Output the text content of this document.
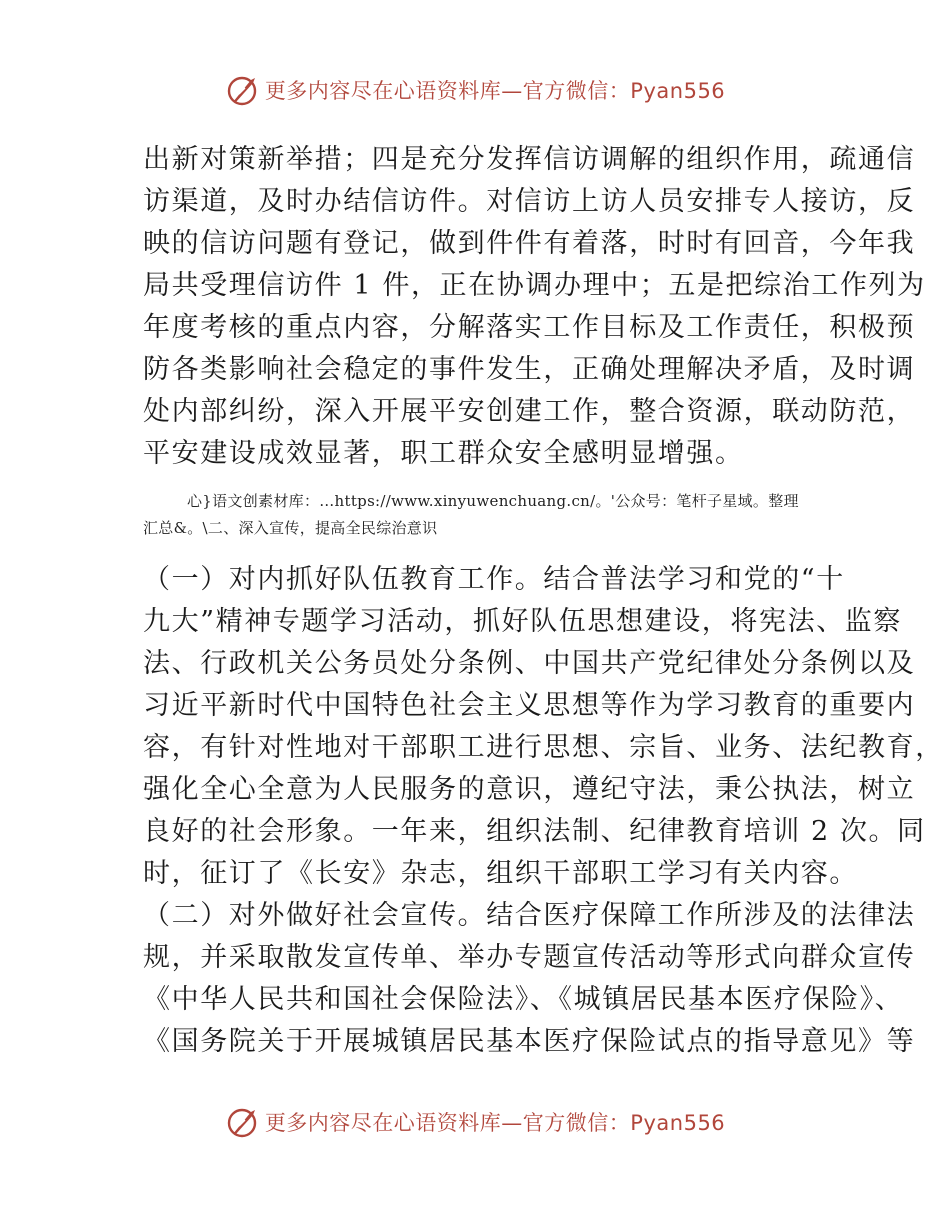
更多内容尽在心语资料库—官方微信：Pyan556
出新对策新举措；四是充分发挥信访调解的组织作用，疏通信
访渠道，及时办结信访件。对信访上访人员安排专人接访，反
映的信访问题有登记，做到件件有着落，时时有回音，今年我
局共受理信访件 1 件，正在协调办理中；五是把综治工作列为
年度考核的重点内容，分解落实工作目标及工作责任，积极预
防各类影响社会稳定的事件发生，正确处理解决矛盾，及时调
处内部纠纷，深入开展平安创建工作，整合资源，联动防范，
平安建设成效显著，职工群众安全感明显增强。
心}语文创素材库：…https://www.xinyuwenchuang.cn/。'公众号：笔杆子星域。整理
汇总&。\二、深入宣传，提高全民综治意识
（一）对内抓好队伍教育工作。结合普法学习和党的“十
九大”精神专题学习活动，抓好队伍思想建设，将宪法、监察
法、行政机关公务员处分条例、中国共产党纪律处分条例以及
习近平新时代中国特色社会主义思想等作为学习教育的重要内
容，有针对性地对干部职工进行思想、宗旨、业务、法纪教育，
强化全心全意为人民服务的意识，遵纪守法，秉公执法，树立
良好的社会形象。一年来，组织法制、纪律教育培训 2 次。同
时，征订了《长安》杂志，组织干部职工学习有关内容。
（二）对外做好社会宣传。结合医疗保障工作所涉及的法律法
规，并采取散发宣传单、举办专题宣传活动等形式向群众宣传
《中华人民共和国社会保险法》、《城镇居民基本医疗保险》、
《国务院关于开展城镇居民基本医疗保险试点的指导意见》等
更多内容尽在心语资料库—官方微信：Pyan556
